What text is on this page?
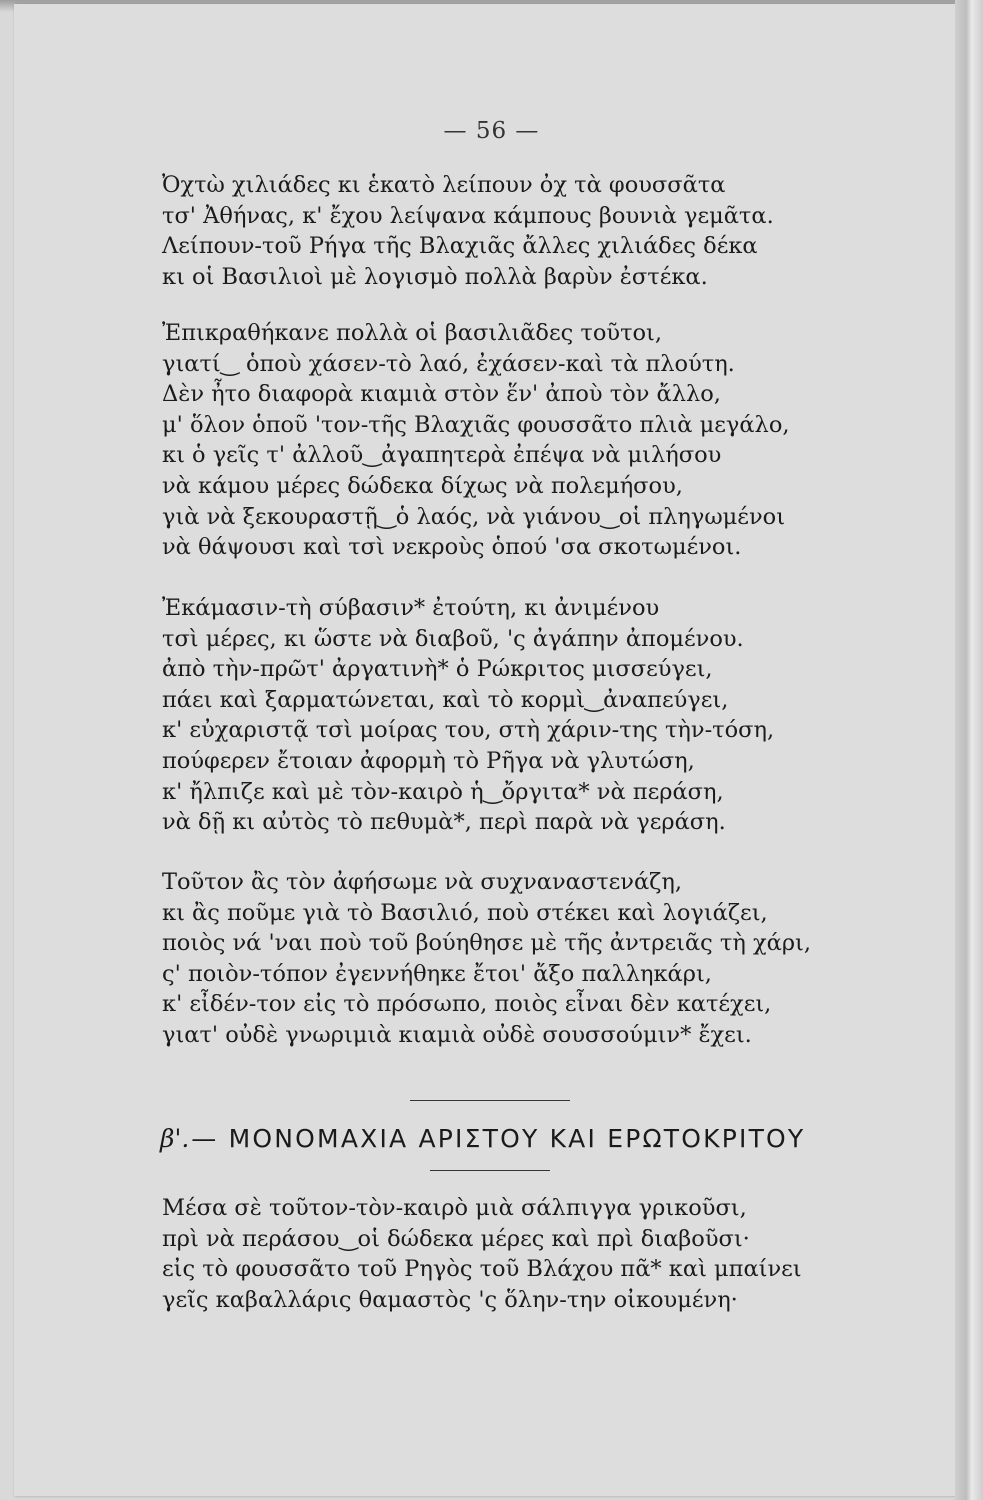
— 56 —
Ὀχτὼ χιλιάδες κι ἑκατὸ λείπουν ὀχ τὰ φουσσᾶτα
τσ' Ἀθήνας, κ' ἔχου λείψανα κάμπους βουνιὰ γεμᾶτα.
Λείπουν-τοῦ Ρήγα τῆς Βλαχιᾶς ἄλλες χιλιάδες δέκα
κι οἱ Βασιλιοὶ μὲ λογισμὸ πολλὰ βαρὺν ἐστέκα.
Ἐπικραθήκανε πολλὰ οἱ βασιλιᾶδες τοῦτοι,
γιατί‿ ὁποὺ χάσεν-τὸ λαό, ἐχάσεν-καὶ τὰ πλούτη.
Δὲν ἦτο διαφορὰ κιαμιὰ στὸν ἕν' ἀποὺ τὸν ἄλλο,
μ' ὅλον ὁποῦ 'τον-τῆς Βλαχιᾶς φουσσᾶτο πλιὰ μεγάλο,
κι ὁ γεῖς τ' ἀλλοῦ‿ἀγαπητερὰ ἐπέψα νὰ μιλήσου
νὰ κάμου μέρες δώδεκα δίχως νὰ πολεμήσου,
γιὰ νὰ ξεκουραστῇ‿ὁ λαός, νὰ γιάνου‿οἱ πληγωμένοι
νὰ θάψουσι καὶ τσὶ νεκροὺς ὁπού 'σα σκοτωμένοι.
Ἐκάμασιν-τὴ σύβασιν* ἐτούτη, κι ἀνιμένου
τσὶ μέρες, κι ὥστε νὰ διαβοῦ, 'ς ἀγάπην ἀπομένου.
ἀπὸ τὴν-πρῶτ' ἀργατινὴ* ὁ Ρώκριτος μισσεύγει,
πάει καὶ ξαρματώνεται, καὶ τὸ κορμὶ‿ἀναπεύγει,
κ' εὐχαριστᾷ τσὶ μοίρας του, στὴ χάριν-της τὴν-τόση,
πούφερεν ἔτοιαν ἀφορμὴ τὸ Ρῆγα νὰ γλυτώση,
κ' ἤλπιζε καὶ μὲ τὸν-καιρὸ ἡ‿ὄργιτα* νὰ περάση,
νὰ δῇ κι αὐτὸς τὸ πεθυμὰ*, περὶ παρὰ νὰ γεράση.
Τοῦτον ἂς τὸν ἀφήσωμε νὰ συχναναστενάζη,
κι ἂς ποῦμε γιὰ τὸ Βασιλιό, ποὺ στέκει καὶ λογιάζει,
ποιὸς νά 'ναι ποὺ τοῦ βούηθησε μὲ τῆς ἀντρειᾶς τὴ χάρι,
ς' ποιὸν-τόπον ἐγεννήθηκε ἔτοι' ἄξο παλληκάρι,
κ' εἶδέν-τον εἰς τὸ πρόσωπο, ποιὸς εἶναι δὲν κατέχει,
γιατ' οὐδὲ γνωριμιὰ κιαμιὰ οὐδὲ σουσσούμιν* ἔχει.
β'.— ΜΟΝΟΜΑΧΙΑ ΑΡΙΣΤΟΥ ΚΑΙ ΕΡΩΤΟΚΡΙΤΟΥ
Μέσα σὲ τοῦτον-τὸν-καιρὸ μιὰ σάλπιγγα γρικοῦσι,
πρὶ νὰ περάσου‿οἱ δώδεκα μέρες καὶ πρὶ διαβοῦσι·
εἰς τὸ φουσσᾶτο τοῦ Ρηγὸς τοῦ Βλάχου πᾶ* καὶ μπαίνει
γεῖς καβαλλάρις θαμαστὸς 'ς ὅλην-την οἰκουμένη·
